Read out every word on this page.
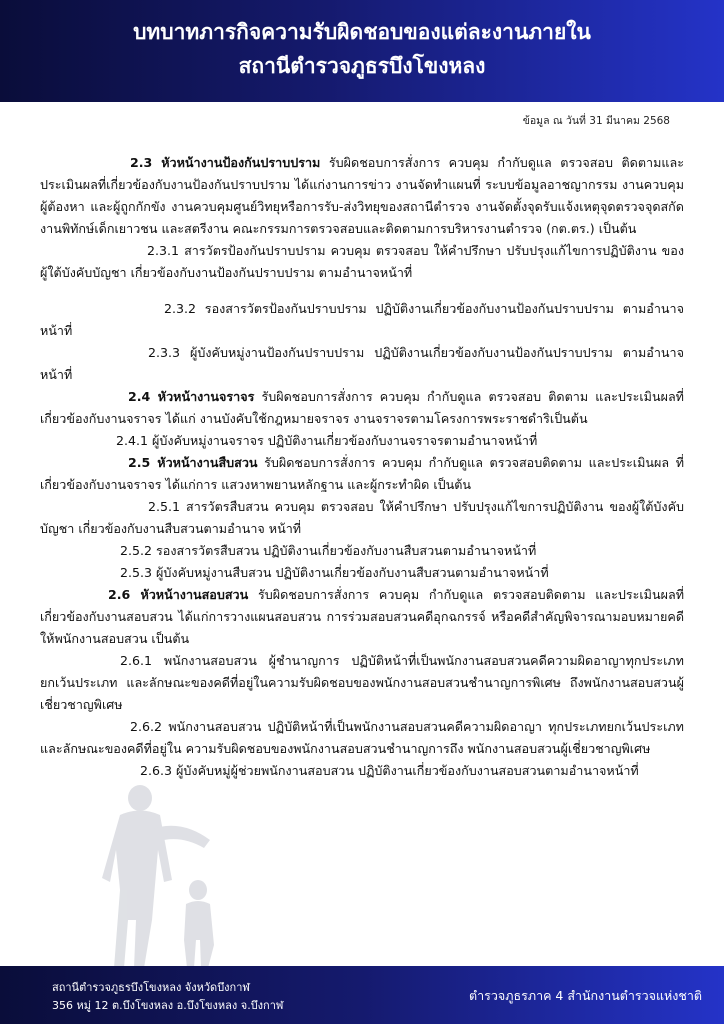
บทบาทภารกิจความรับผิดชอบของแต่ละงานภายใน
สถานีตำรวจภูธรบึงโขงหลง
ข้อมูล ณ วันที่ 31 มีนาคม 2568

2.3 หัวหน้างานป้องกันปราบปราม รับผิดชอบการสั่งการ ควบคุม กำกับดูแล ตรวจสอบ ติดตามและประเมินผลที่เกี่ยวข้องกับงานป้องกันปราบปราม ได้แก่งานการข่าว งานจัดทำแผนที่ ระบบข้อมูลอาชญากรรม งานควบคุมผู้ต้องหา และผู้ถูกกักขัง งานควบคุมศูนย์วิทยุหรือการรับ-ส่งวิทยุของสถานีตำรวจ งานจัดตั้งจุดรับแจ้งเหตุจุดตรวจจุดสกัด งานพิทักษ์เด็กเยาวชน และสตรีงาน คณะกรรมการตรวจสอบและติดตามการบริหารงานตำรวจ (กต.ตร.) เป็นต้น

2.3.1 สารวัตรป้องกันปราบปราม ควบคุม ตรวจสอบ ให้คำปรึกษา ปรับปรุงแก้ไขการปฏิบัติงาน ของผู้ใต้บังคับบัญชา เกี่ยวข้องกับงานป้องกันปราบปราม ตามอำนาจหน้าที่

2.3.2 รองสารวัตรป้องกันปราบปราม ปฏิบัติงานเกี่ยวข้องกับงานป้องกันปราบปราม ตามอำนาจหน้าที่

2.3.3 ผู้บังคับหมู่งานป้องกันปราบปราม ปฏิบัติงานเกี่ยวข้องกับงานป้องกันปราบปราม ตามอำนาจหน้าที่

2.4 หัวหน้างานจราจร รับผิดชอบการสั่งการ ควบคุม กำกับดูแล ตรวจสอบ ติดตาม และประเมินผลที่เกี่ยวข้องกับงานจราจร ได้แก่ งานบังคับใช้กฎหมายจราจร งานจราจรตามโครงการพระราชดำริเป็นต้น

2.4.1 ผู้บังคับหมู่งานจราจร ปฏิบัติงานเกี่ยวข้องกับงานจราจรตามอำนาจหน้าที่

2.5 หัวหน้างานสืบสวน รับผิดชอบการสั่งการ ควบคุม กำกับดูแล ตรวจสอบติดตาม และประเมินผล ที่เกี่ยวข้องกับงานจราจร ได้แก่การ แสวงหาพยานหลักฐาน และผู้กระทำผิด เป็นต้น

2.5.1 สารวัตรสืบสวน ควบคุม ตรวจสอบ ให้คำปรึกษา ปรับปรุงแก้ไขการปฏิบัติงาน ของผู้ใต้บังคับบัญชา เกี่ยวข้องกับงานสืบสวนตามอำนาจ หน้าที่

2.5.2 รองสารวัตรสืบสวน ปฏิบัติงานเกี่ยวข้องกับงานสืบสวนตามอำนาจหน้าที่

2.5.3 ผู้บังคับหมู่งานสืบสวน ปฏิบัติงานเกี่ยวข้องกับงานสืบสวนตามอำนาจหน้าที่

2.6 หัวหน้างานสอบสวน รับผิดชอบการสั่งการ ควบคุม กำกับดูแล ตรวจสอบติดตาม และประเมินผลที่เกี่ยวข้องกับงานสอบสวน ได้แก่การวางแผนสอบสวน การร่วมสอบสวนคดีอุกฉกรรจ์ หรือคดีสำคัญพิจารณามอบหมายคดีให้พนักงานสอบสวน เป็นต้น

2.6.1 พนักงานสอบสวน ผู้ชำนาญการ ปฏิบัติหน้าที่เป็นพนักงานสอบสวนคดีความผิดอาญาทุกประเภทยกเว้นประเภท และลักษณะของคดีที่อยู่ในความรับผิดชอบของพนักงานสอบสวนชำนาญการพิเศษ ถึงพนักงานสอบสวนผู้เชี่ยวชาญพิเศษ

2.6.2 พนักงานสอบสวน ปฏิบัติหน้าที่เป็นพนักงานสอบสวนคดีความผิดอาญา ทุกประเภทยกเว้นประเภท และลักษณะของคดีที่อยู่ใน ความรับผิดชอบของพนักงานสอบสวนชำนาญการถึง พนักงานสอบสวนผู้เชี่ยวชาญพิเศษ

2.6.3 ผู้บังคับหมู่ผู้ช่วยพนักงานสอบสวน ปฏิบัติงานเกี่ยวข้องกับงานสอบสวนตามอำนาจหน้าที่

สถานีตำรวจภูธรบึงโขงหลง จังหวัดบึงกาฬ
356 หมู่ 12 ต.บึงโขงหลง อ.บึงโขงหลง จ.บึงกาฬ
ตำรวจภูธรภาค 4 สำนักงานตำรวจแห่งชาติ
